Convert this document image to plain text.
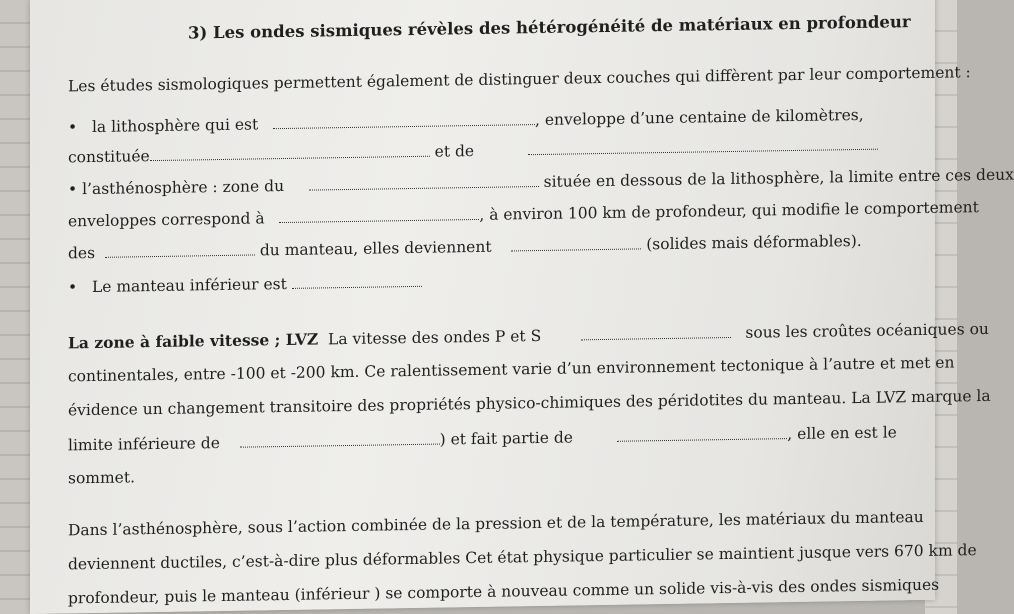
3) Les ondes sismiques révèles des hétérogénéité de matériaux en profondeur
Les études sismologiques permettent également de distinguer deux couches qui diffèrent par leur comportement :
• la lithosphère qui est	, enveloppe d’une centaine de kilomètres,
constituée	et de
• l’asthénosphère : zone du	située en dessous de la lithosphère, la limite entre ces deux
enveloppes correspond à	, à environ 100 km de profondeur, qui modifie le comportement
des	du manteau, elles deviennent	(solides mais déformables).
• Le manteau inférieur est
La zone à faible vitesse ; LVZ La vitesse des ondes P et S	sous les croûtes océaniques ou
continentales, entre -100 et -200 km. Ce ralentissement varie d’un environnement tectonique à l’autre et met en
évidence un changement transitoire des propriétés physico-chimiques des péridotites du manteau. La LVZ marque la
limite inférieure de	) et fait partie de	, elle en est le
sommet.
Dans l’asthénosphère, sous l’action combinée de la pression et de la température, les matériaux du manteau
deviennent ductiles, c’est-à-dire plus déformables Cet état physique particulier se maintient jusque vers 670 km de
profondeur, puis le manteau (inférieur ) se comporte à nouveau comme un solide vis-à-vis des ondes sismiques
